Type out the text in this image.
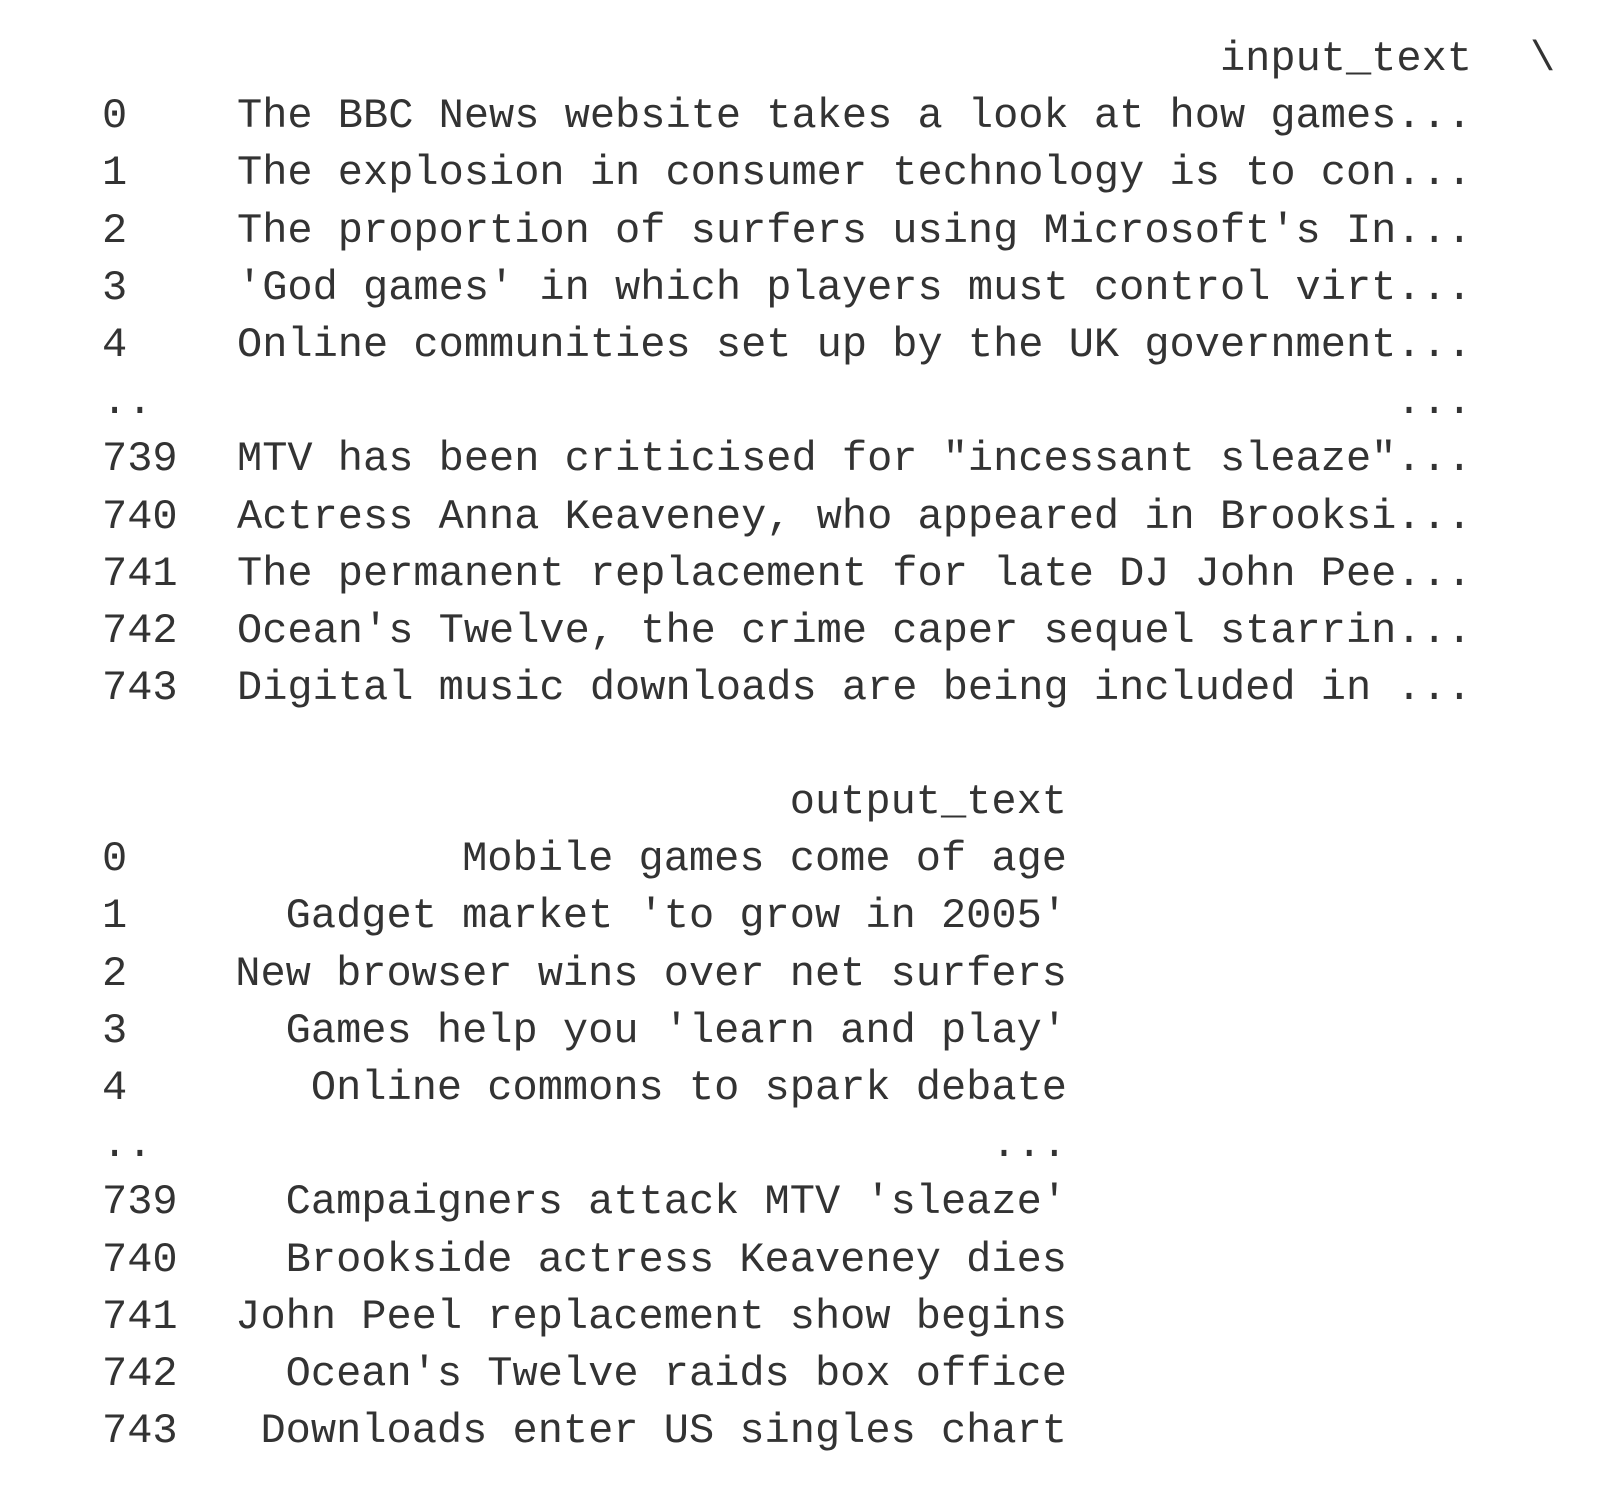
input_text
0	The BBC News website takes a look at how games...
1	The explosion in consumer technology is to con...
2	The proportion of surfers using Microsoft's In...
3	'God games' in which players must control virt...
4	Online communities set up by the UK government...
..	...
739	MTV has been criticised for "incessant sleaze"...
740	Actress Anna Keaveney, who appeared in Brooksi...
741	The permanent replacement for late DJ John Pee...
742	Ocean's Twelve, the crime caper sequel starrin...
743	Digital music downloads are being included in ...
\
output_text
0	Mobile games come of age
1	Gadget market 'to grow in 2005'
2	New browser wins over net surfers
3	Games help you 'learn and play'
4	Online commons to spark debate
..	...
739	Campaigners attack MTV 'sleaze'
740	Brookside actress Keaveney dies
741	John Peel replacement show begins
742	Ocean's Twelve raids box office
743	Downloads enter US singles chart
